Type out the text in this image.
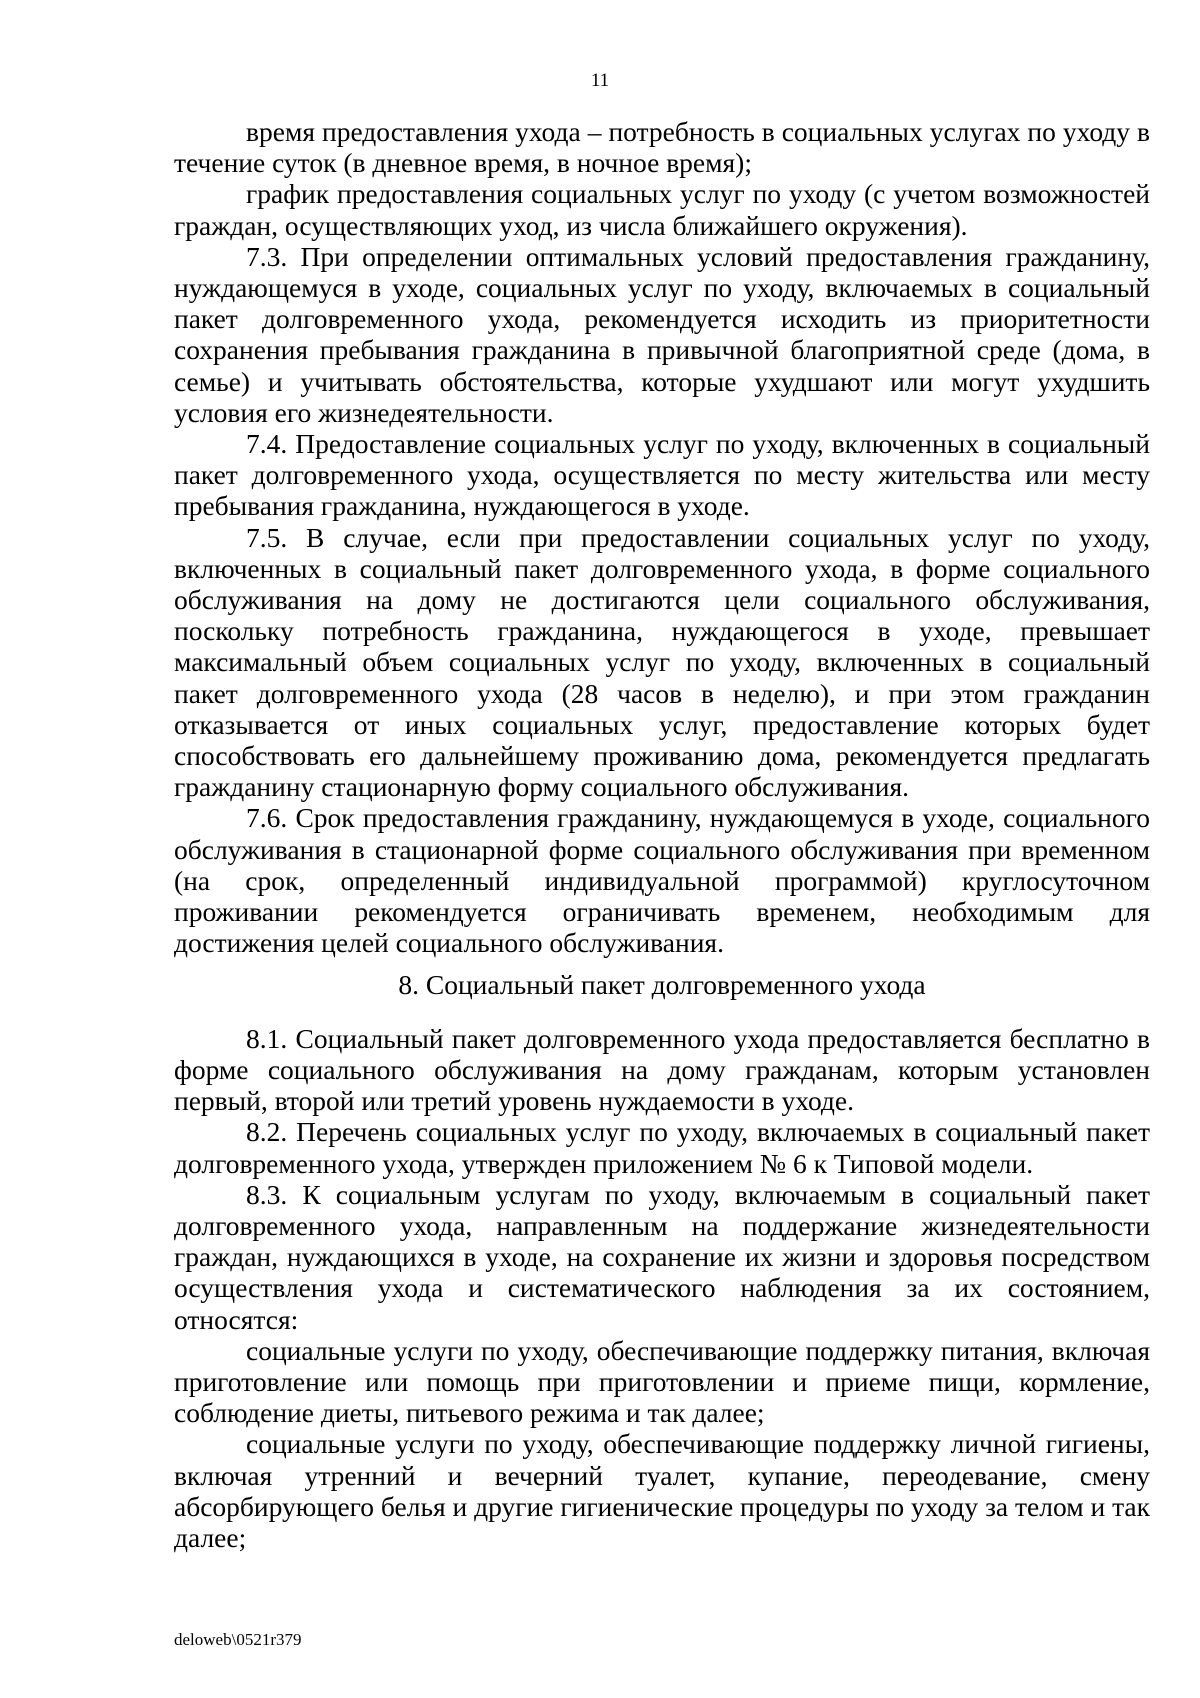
11

время предоставления ухода – потребность в социальных услугах по уходу в течение суток (в дневное время, в ночное время);

график предоставления социальных услуг по уходу (с учетом возможностей граждан, осуществляющих уход, из числа ближайшего окружения).

7.3. При определении оптимальных условий предоставления гражданину, нуждающемуся в уходе, социальных услуг по уходу, включаемых в социальный пакет долговременного ухода, рекомендуется исходить из приоритетности сохранения пребывания гражданина в привычной благоприятной среде (дома, в семье) и учитывать обстоятельства, которые ухудшают или могут ухудшить условия его жизнедеятельности.

7.4. Предоставление социальных услуг по уходу, включенных в социальный пакет долговременного ухода, осуществляется по месту жительства или месту пребывания гражданина, нуждающегося в уходе.

7.5. В случае, если при предоставлении социальных услуг по уходу, включенных в социальный пакет долговременного ухода, в форме социального обслуживания на дому не достигаются цели социального обслуживания, поскольку потребность гражданина, нуждающегося в уходе, превышает максимальный объем социальных услуг по уходу, включенных в социальный пакет долговременного ухода (28 часов в неделю), и при этом гражданин отказывается от иных социальных услуг, предоставление которых будет способствовать его дальнейшему проживанию дома, рекомендуется предлагать гражданину стационарную форму социального обслуживания.

7.6. Срок предоставления гражданину, нуждающемуся в уходе, социального обслуживания в стационарной форме социального обслуживания при временном (на срок, определенный индивидуальной программой) круглосуточном проживании рекомендуется ограничивать временем, необходимым для достижения целей социального обслуживания.

8. Социальный пакет долговременного ухода

8.1. Социальный пакет долговременного ухода предоставляется бесплатно в форме социального обслуживания на дому гражданам, которым установлен первый, второй или третий уровень нуждаемости в уходе.

8.2. Перечень социальных услуг по уходу, включаемых в социальный пакет долговременного ухода, утвержден приложением № 6 к Типовой модели.

8.3. К социальным услугам по уходу, включаемым в социальный пакет долговременного ухода, направленным на поддержание жизнедеятельности граждан, нуждающихся в уходе, на сохранение их жизни и здоровья посредством осуществления ухода и систематического наблюдения за их состоянием, относятся:

социальные услуги по уходу, обеспечивающие поддержку питания, включая приготовление или помощь при приготовлении и приеме пищи, кормление, соблюдение диеты, питьевого режима и так далее;

социальные услуги по уходу, обеспечивающие поддержку личной гигиены, включая утренний и вечерний туалет, купание, переодевание, смену абсорбирующего белья и другие гигиенические процедуры по уходу за телом и так далее;

deloweb\0521r379
